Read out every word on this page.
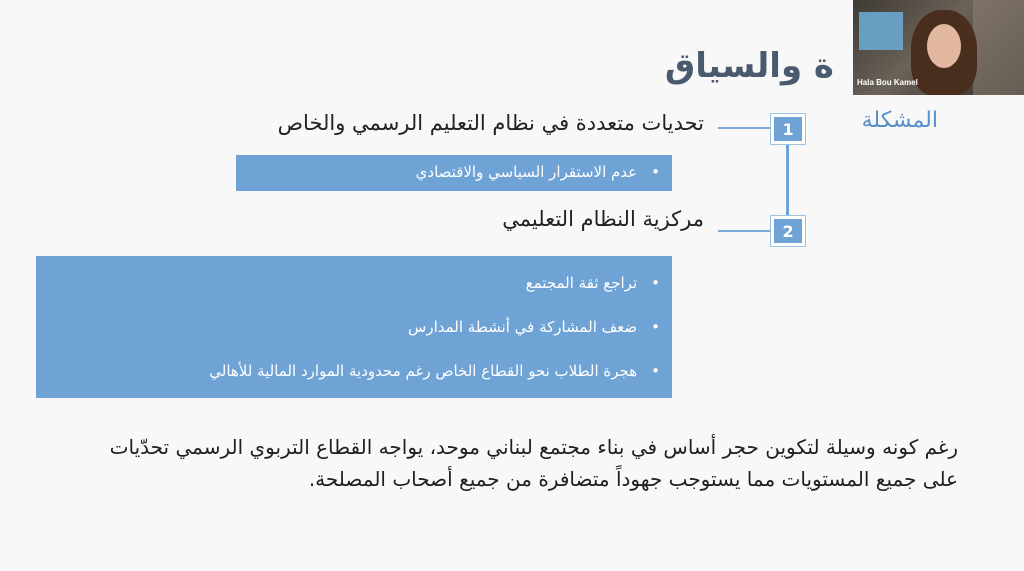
ة والسياق
المشكلة
1
تحديات متعددة في نظام التعليم الرسمي والخاص
•عدم الاستقرار السياسي والاقتصادي
2
مركزية النظام التعليمي
•تراجع ثقة المجتمع
•ضعف المشاركة في أنشطة المدارس
•هجرة الطلاب نحو القطاع الخاص رغم محدودية الموارد المالية للأهالي
رغم كونه وسيلة لتكوين حجر أساس في بناء مجتمع لبناني موحد، يواجه القطاع التربوي الرسمي تحدّيات على جميع المستويات مما يستوجب جهوداً متضافرة من جميع أصحاب المصلحة.
Hala Bou Kamel
